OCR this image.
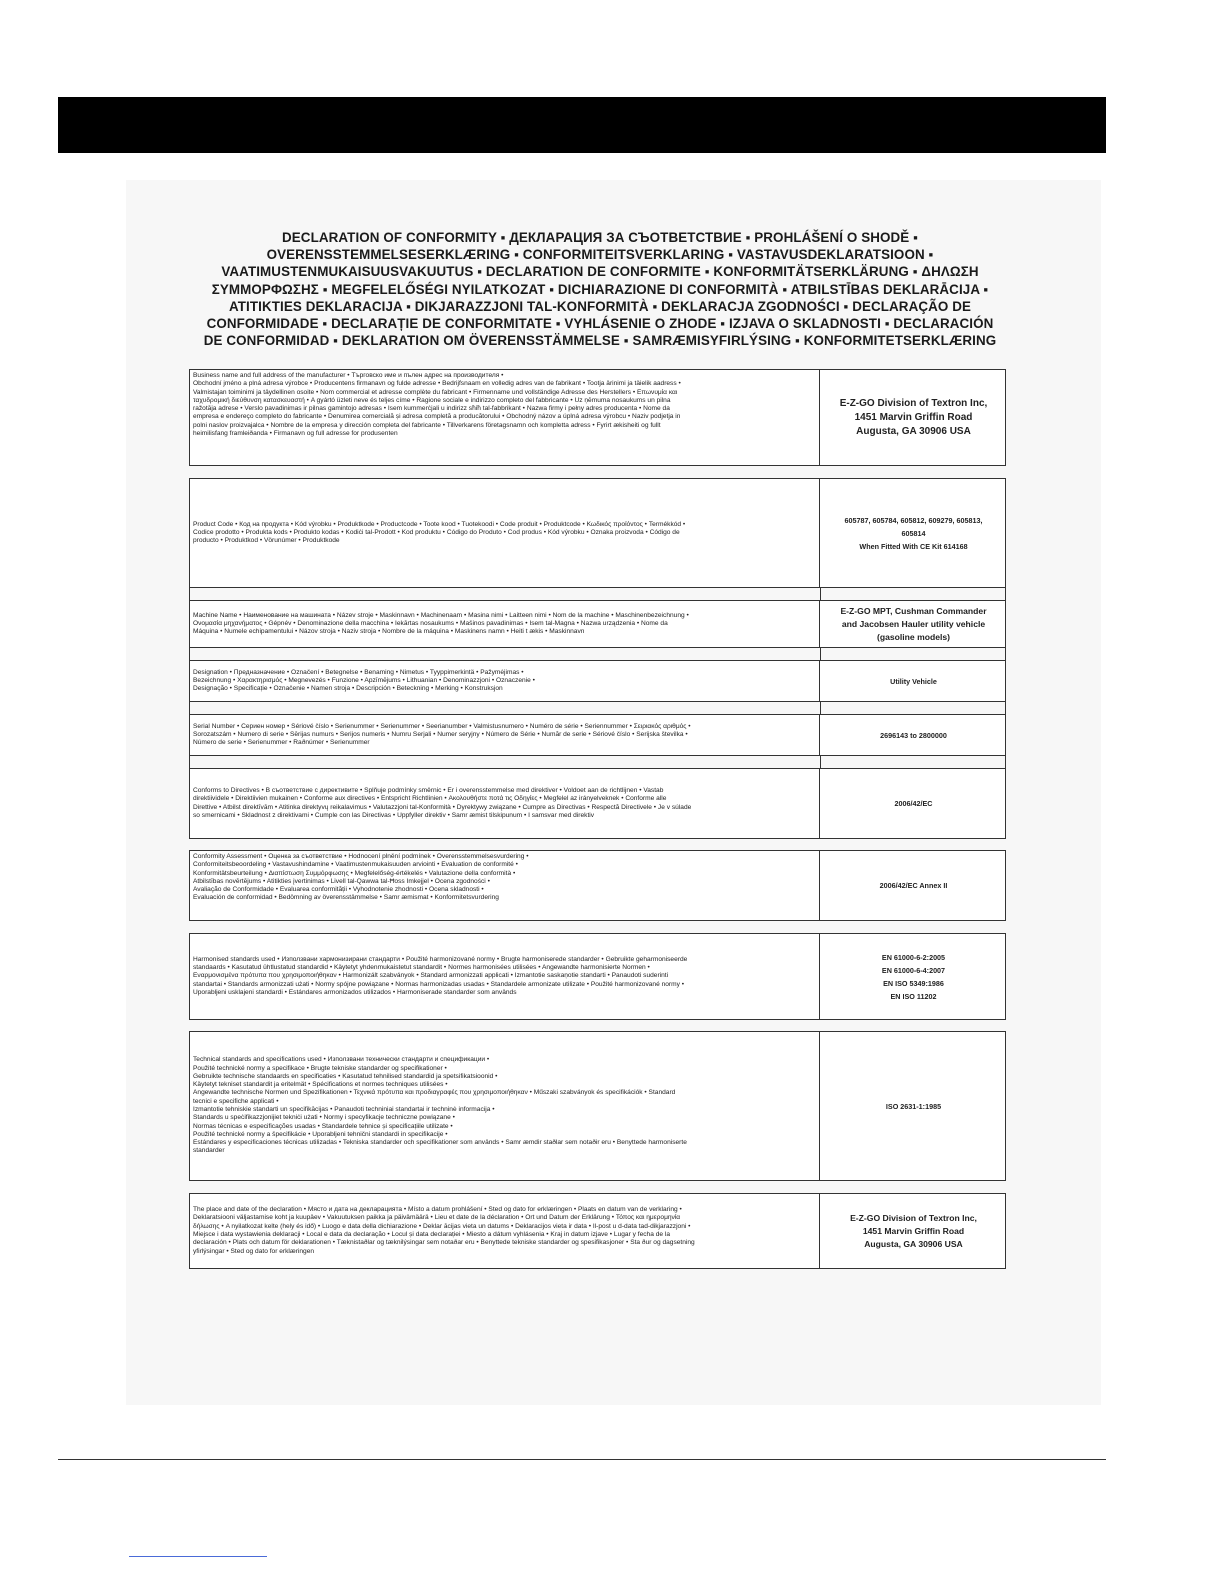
DECLARATION OF CONFORMITY ▪ ДЕКЛАРАЦИЯ ЗА СЪОТВЕТСТВИЕ ▪ PROHLÁŠENÍ O SHODĚ ▪
OVERENSSTEMMELSESERKLÆRING ▪ CONFORMITEITSVERKLARING ▪ VASTAVUSDEKLARATSIOON ▪
VAATIMUSTENMUKAISUUSVAKUUTUS ▪ DECLARATION DE CONFORMITE ▪ KONFORMITÄTSERKLÄRUNG ▪ ΔΗΛΩΣΗ
ΣΥΜΜΟΡΦΩΣΗΣ ▪ MEGFELELŐSÉGI NYILATKOZAT ▪ DICHIARAZIONE DI CONFORMITÀ ▪ ATBILSTĪBAS DEKLARĀCIJA ▪
ATITIKTIES DEKLARACIJA ▪ DIKJARAZZJONI TAL-KONFORMITÀ ▪ DEKLARACJA ZGODNOŚCI ▪ DECLARAÇÃO DE
CONFORMIDADE ▪ DECLARAȚIE DE CONFORMITATE ▪ VYHLÁSENIE O ZHODE ▪ IZJAVA O SKLADNOSTI ▪ DECLARACIÓN
DE CONFORMIDAD ▪ DEKLARATION OM ÖVERENSSTÄMMELSE ▪ SAMRÆMISYFIRLÝSING ▪ KONFORMITETSERKLÆRING
Business name and full address of the manufacturer • Търговско име и пълен адрес на производителя •
Obchodní jméno a plná adresa výrobce • Producentens firmanavn og fulde adresse • Bedrijfsnaam en volledig adres van de fabrikant • Tootja ärinimi ja täielik aadress •
Valmistajan toiminimi ja täydellinen osoite • Nom commercial et adresse complète du fabricant • Firmenname und vollständige Adresse des Herstellers • Επωνυμία και
ταχυδρομική διεύθυνση κατασκευαστή • A gyártó üzleti neve és teljes címe • Ragione sociale e indirizzo completo del fabbricante • Uz ņēmuma nosaukums un pilna
ražotāja adrese • Verslo pavadinimas ir pilnas gamintojo adresas • Isem kummerċjali u indirizz sħiħ tal-fabbrikant • Nazwa firmy i pełny adres producenta • Nome da
empresa e endereço completo do fabricante • Denumirea comercială și adresa completă a producătorului • Obchodný názov a úplná adresa výrobcu • Naziv podjetja in
polni naslov proizvajalca • Nombre de la empresa y dirección completa del fabricante • Tillverkarens företagsnamn och kompletta adress • Fyrirt ækisheiti og fullt
heimilisfang framleiðanda • Firmanavn og full adresse for produsenten
E-Z-GO Division of Textron Inc,
1451 Marvin Griffin Road
Augusta, GA 30906 USA
Product Code • Код на продукта • Kód výrobku • Produktkode • Productcode • Toote kood • Tuotekoodi • Code produit • Produktcode • Κωδικός προϊόντος • Termékkód •
Codice prodotto • Produkta kods • Produkto kodas • Kodiċi tal-Prodott • Kod produktu • Código do Produto • Cod produs • Kód výrobku • Oznaka proizvoda • Código de
producto • Produktkod • Vörunúmer • Produktkode
605787, 605784, 605812, 609279, 605813,
605814
When Fitted With CE Kit 614168
Machine Name • Наименование на машината • Název stroje • Maskinnavn • Machinenaam • Masina nimi • Laitteen nimi • Nom de la machine • Maschinenbezeichnung •
Ονομασία μηχανήματος • Gépnév • Denominazione della macchina • Iekārtas nosaukums • Mašinos pavadinimas • Isem tal-Magna • Nazwa urządzenia • Nome da
Máquina • Numele echipamentului • Názov stroja • Naziv stroja • Nombre de la máquina • Maskinens namn • Heiti t ækis • Maskinnavn
E-Z-GO MPT, Cushman Commander
and Jacobsen Hauler utility vehicle
(gasoline models)
Designation • Предназначение • Označení • Betegnelse • Benaming • Nimetus • Tyyppimerkintä • Pažymėjimas •
Bezeichnung • Χαρακτηρισμός • Megnevezés • Funzione • Apzīmējums • Lithuanian • Denominazzjoni • Oznaczenie •
Designação • Specificație • Označenie • Namen stroja • Descripción • Beteckning • Merking • Konstruksjon
Utility Vehicle
Serial Number • Сериен номер • Sériové číslo • Serienummer • Serienummer • Seerianumber • Valmistusnumero • Numéro de série • Seriennummer • Σειριακός αριθμός •
Sorozatszám • Numero di serie • Sērijas numurs • Serijos numeris • Numru Serjali • Numer seryjny • Número de Série • Număr de serie • Sériové číslo • Serijska številka •
Número de serie • Serienummer • Raðnúmer • Serienummer
2696143 to 2800000
Conforms to Directives • В съответствие с директивите • Splňuje podmínky směrnic • Er i overensstemmelse med direktiver • Voldoet aan de richtlijnen • Vastab
direktiividele • Direktiivien mukainen • Conforme aux directives • Entspricht Richtlinien • Ακολουθήστε ποτά τις Οδηγίες • Megfelel az irányelveknek • Conforme alle
Direttive • Atbilst direktīvām • Atitinka direktyvų reikalavimus • Valutazzjoni tal-Konformità • Dyrektywy związane • Cumpre as Directivas • Respectă Directivele • Je v súlade
so smernicami • Skladnost z direktivami • Cumple con las Directivas • Uppfyller direktiv • Samr æmist tilskipunum • I samsvar med direktiv
2006/42/EC
Conformity Assessment • Оценка за съответствие • Hodnocení plnění podmínek • Overensstemmelsesvurdering •
Conformiteitsbeoordeling • Vastavushindamine • Vaatimustenmukaisuuden arviointi • Evaluation de conformité •
Konformitätsbeurteilung • Διαπίστωση Συμμόρφωσης • Megfelelőség-értékelés • Valutazione della conformità •
Atbilstības novērtējums • Atitikties įvertinimas • Livell tal-Qawwa tal-Ħoss Imkejjel • Ocena zgodności •
Avaliação de Conformidade • Evaluarea conformității • Vyhodnotenie zhodnosti • Ocena skladnosti •
Evaluación de conformidad • Bedömning av överensstämmelse • Samr æmismat • Konformitetsvurdering
2006/42/EC Annex II
Harmonised standards used • Използвани хармонизирани стандарти • Použité harmonizované normy • Brugte harmoniserede standarder • Gebruikte geharmoniseerde
standaards • Kasutatud ühtlustatud standardid • Käytetyt yhdenmukaistetut standardit • Normes harmonisées utilisées • Angewandte harmonisierte Normen •
Εναρμονισμένα πρότυπα που χρησιμοποιήθηκαν • Harmonizált szabványok • Standard armonizzati applicati • Izmantotie saskaņotie standarti • Panaudoti suderinti
standartai • Standards armonizzati użati • Normy spójne powiązane • Normas harmonizadas usadas • Standardele armonizate utilizate • Použité harmonizované normy •
Uporabljeni usklajeni standardi • Estándares armonizados utilizados • Harmoniserade standarder som används
EN 61000-6-2:2005
EN 61000-6-4:2007
EN ISO 5349:1986
EN ISO 11202
Technical standards and specifications used • Използвани технически стандарти и спецификации •
Použité technické normy a specifikace • Brugte tekniske standarder og specifikationer •
Gebruikte technische standaards en specificaties • Kasutatud tehnilised standardid ja spetsifikatsioonid •
Käytetyt tekniset standardit ja eritelmät • Spécifications et normes techniques utilisées •
Angewandte technische Normen und Spezifikationen • Τεχνικά πρότυπα και προδιαγραφές που χρησιμοποιήθηκαν • Műszaki szabványok és specifikációk • Standard
tecnici e specifiche applicati •
Izmantotie tehniskie standarti un specifikācijas • Panaudoti techniniai standartai ir techninė informacija •
Standards u speċifikazzjonijiet tekniċi użati • Normy i specyfikacje techniczne powiązane •
Normas técnicas e especificações usadas • Standardele tehnice și specificațiile utilizate •
Použité technické normy a špecifikácie • Uporabljeni tehnični standardi in specifikacije •
Estándares y especificaciones técnicas utilizadas • Tekniska standarder och specifikationer som används • Samr æmdir staðlar sem notaðir eru • Benyttede harmoniserte
standarder
ISO 2631-1:1985
The place and date of the declaration • Място и дата на декларацията • Místo a datum prohlášení • Sted og dato for erklæringen • Plaats en datum van de verklaring •
Deklaratsiooni väljastamise koht ja kuupäev • Vakuutuksen paikka ja päivämäärä • Lieu et date de la déclaration • Ort und Datum der Erklärung • Τόπος και ημερομηνία
δήλωσης • A nyilatkozat kelte (hely és idő) • Luogo e data della dichiarazione • Deklar ācijas vieta un datums • Deklaracijos vieta ir data • Il-post u d-data tad-dikjarazzjoni •
Miejsce i data wystawienia deklaracji • Local e data da declaração • Locul și data declarației • Miesto a dátum vyhlásenia • Kraj in datum izjave • Lugar y fecha de la
declaración • Plats och datum för deklarationen • Tæknistaðlar og tæknilýsingar sem notaðar eru • Benyttede tekniske standarder og spesifikasjoner • Sta ður og dagsetning
yfirlýsingar • Sted og dato for erklæringen
E-Z-GO Division of Textron Inc,
1451 Marvin Griffin Road
Augusta, GA 30906 USA
